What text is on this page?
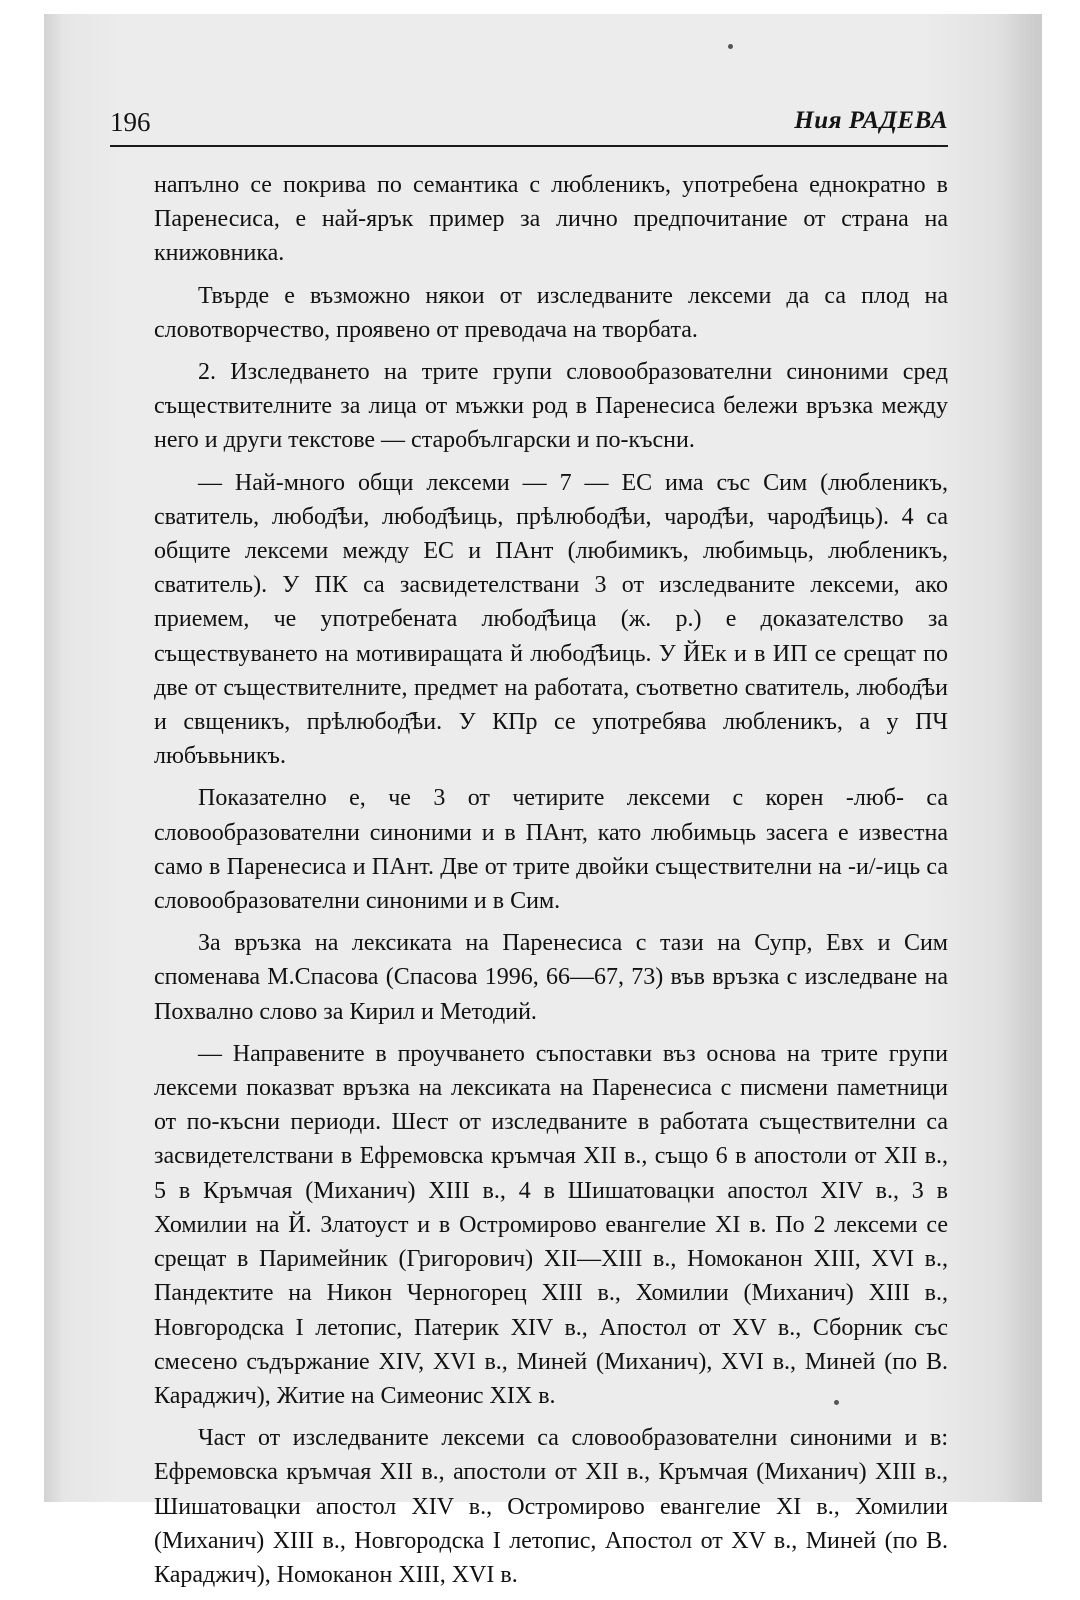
196	Ния РАДЕВА

напълно се покрива по семантика с любленикъ, употребена еднократно в Паренесиса, е най-ярък пример за лично предпочитание от страна на книжовника.

Твърде е възможно някои от изследваните лексеми да са плод на словотворчество, проявено от преводача на творбата.

2. Изследването на трите групи словообразователни синоними сред съществителните за лица от мъжки род в Паренесиса бележи връзка между него и други текстове — старобългарски и по-късни.

— Най-много общи лексеми — 7 — ЕС има със Сим (любленикъ, сватитель, любод҄ѣи, любод҄ѣиць, прѣлюбод҄ѣи, чарод҄ѣи, чарод҄ѣиць). 4 са общите лексеми между ЕС и ПАнт (любимикъ, любимьць, любленикъ, сватитель). У ПК са засвидетелствани 3 от изследваните лексеми, ако приемем, че употребената любод҄ѣица (ж. р.) е доказателство за съществуването на мотивиращата й любод҄ѣиць. У ЙЕк и в ИП се срещат по две от съществителните, предмет на работата, съответно сватитель, любод҄ѣи и свщеникъ, прѣлюбод҄ѣи. У КПр се употребява любленикъ, а у ПЧ любъвьникъ.

Показателно е, че 3 от четирите лексеми с корен -люб- са словообразователни синоними и в ПАнт, като любимьць засега е известна само в Паренесиса и ПАнт. Две от трите двойки съществителни на -и/-иць са словообразователни синоними и в Сим.

За връзка на лексиката на Паренесиса с тази на Супр, Евх и Сим споменава М.Спасова (Спасова 1996, 66—67, 73) във връзка с изследване на Похвално слово за Кирил и Методий.

— Направените в проучването съпоставки въз основа на трите групи лексеми показват връзка на лексиката на Паренесиса с писмени паметници от по-късни периоди. Шест от изследваните в работата съществителни са засвидетелствани в Ефремовска кръмчая XII в., също 6 в апостоли от XII в., 5 в Кръмчая (Миханич) XIII в., 4 в Шишатовацки апостол XIV в., 3 в Хомилии на Й. Златоуст и в Остромирово евангелие XI в. По 2 лексеми се срещат в Паримейник (Григорович) XII—XIII в., Номоканон XIII, XVI в., Пандектите на Никон Черногорец XIII в., Хомилии (Миханич) XIII в., Новгородска I летопис, Патерик XIV в., Апостол от XV в., Сборник със смесено съдържание XIV, XVI в., Миней (Миханич), XVI в., Миней (по В. Караджич), Житие на Симеонис XIX в.

Част от изследваните лексеми са словообразователни синоними и в: Ефремовска кръмчая XII в., апостоли от XII в., Кръмчая (Миханич) XIII в., Шишатовацки апостол XIV в., Остромирово евангелие XI в., Хомилии (Миханич) XIII в., Новгородска I летопис, Апостол от XV в., Миней (по В. Караджич), Номоканон XIII, XVI в.
